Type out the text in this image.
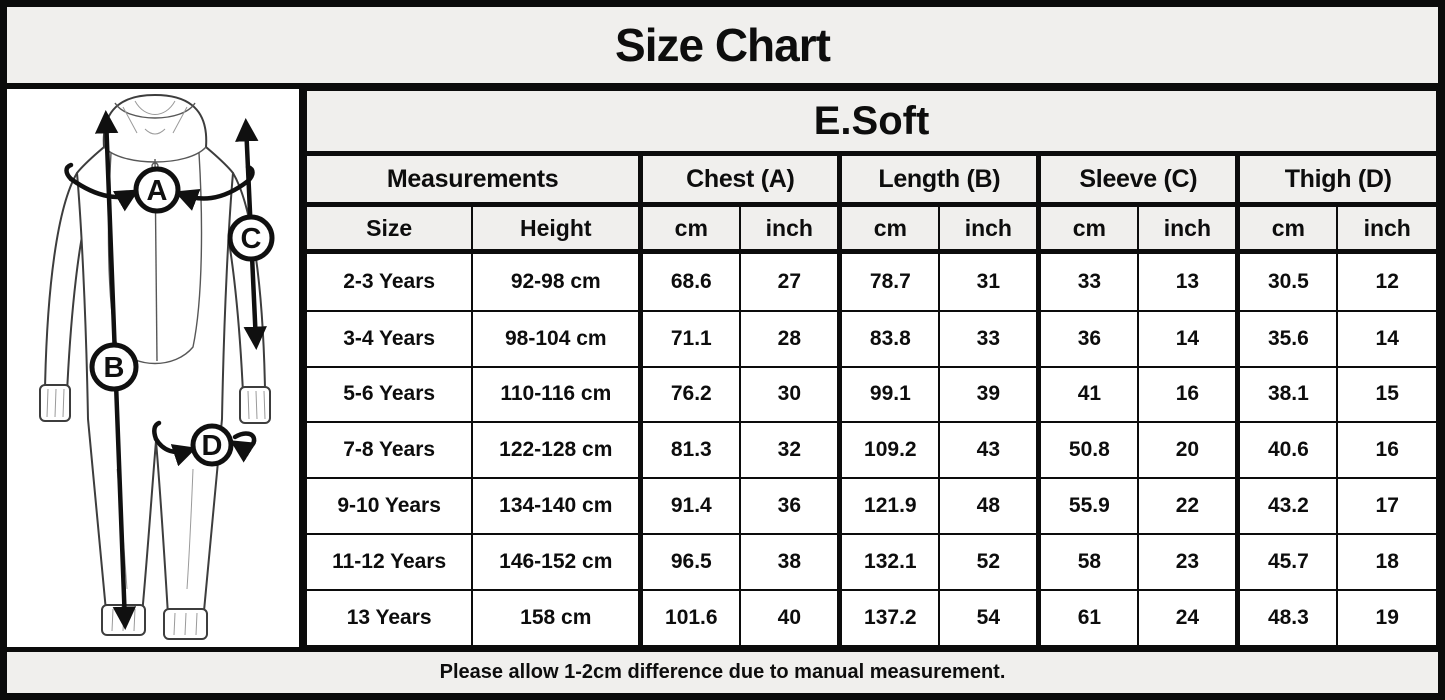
Size Chart
A
B
C
D
E.Soft									
Measurements		Chest (A)		Length (B)		Sleeve (C)		Thigh (D)	
Size	Height	cm	inch	cm	inch	cm	inch	cm	inch
2-3 Years	92-98 cm	68.6	27	78.7	31	33	13	30.5	12
3-4 Years	98-104 cm	71.1	28	83.8	33	36	14	35.6	14
5-6 Years	110-116 cm	76.2	30	99.1	39	41	16	38.1	15
7-8 Years	122-128 cm	81.3	32	109.2	43	50.8	20	40.6	16
9-10 Years	134-140 cm	91.4	36	121.9	48	55.9	22	43.2	17
11-12 Years	146-152 cm	96.5	38	132.1	52	58	23	45.7	18
13 Years	158 cm	101.6	40	137.2	54	61	24	48.3	19
Please allow 1-2cm difference due to manual measurement.
